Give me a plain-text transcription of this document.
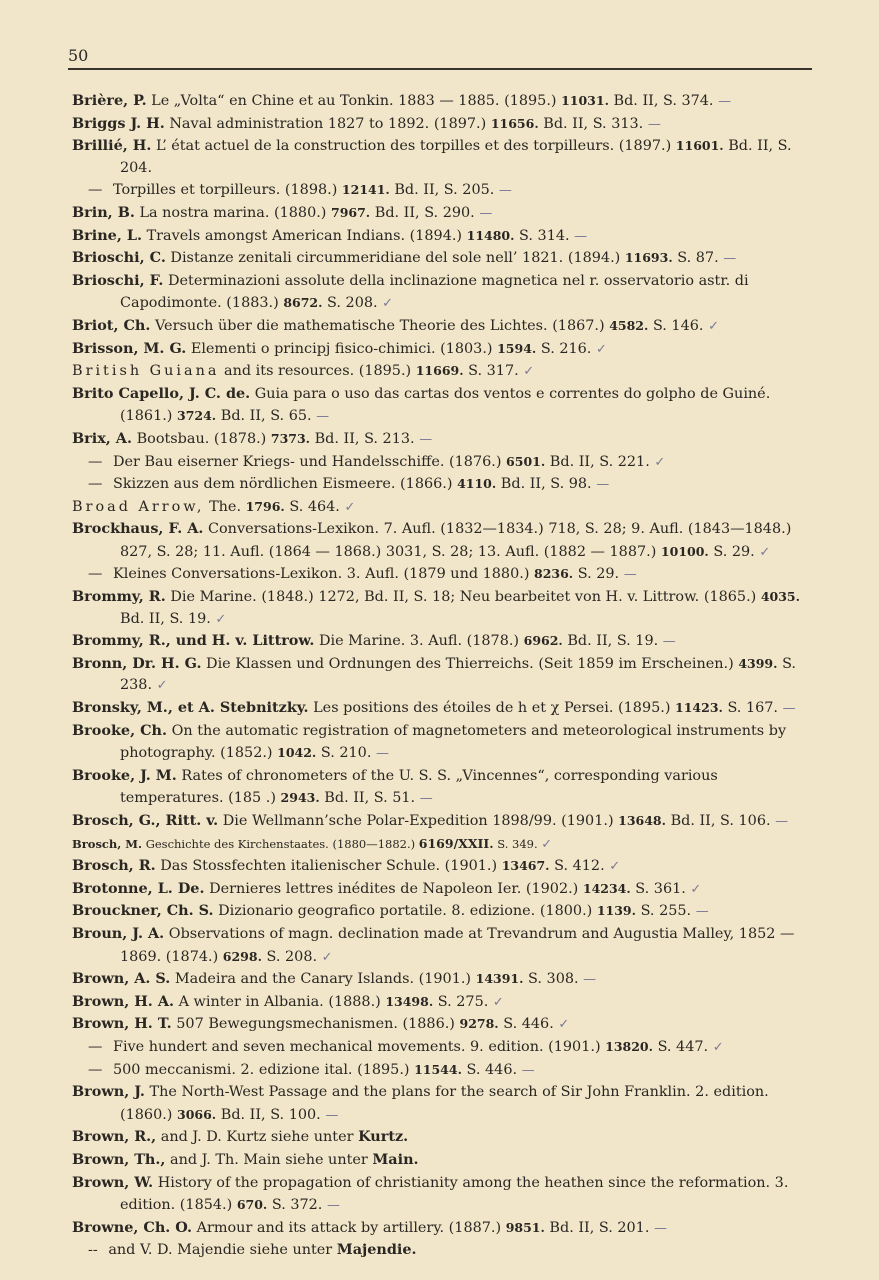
50
Brière, P. Le „Volta“ en Chine et au Tonkin. 1883 — 1885. (1895.) 11031. Bd. II, S. 374. —
Briggs J. H. Naval administration 1827 to 1892. (1897.) 11656. Bd. II, S. 313. —
Brillié, H. L’ état actuel de la construction des torpilles et des torpilleurs. (1897.) 11601. Bd. II, S. 204.
— Torpilles et torpilleurs. (1898.) 12141. Bd. II, S. 205. —
Brin, B. La nostra marina. (1880.) 7967. Bd. II, S. 290. —
Brine, L. Travels amongst American Indians. (1894.) 11480. S. 314. —
Brioschi, C. Distanze zenitali circummeridiane del sole nell’ 1821. (1894.) 11693. S. 87. —
Brioschi, F. Determinazioni assolute della inclinazione magnetica nel r. osservatorio astr. di Capodimonte. (1883.) 8672. S. 208. ✓
Briot, Ch. Versuch über die mathematische Theorie des Lichtes. (1867.) 4582. S. 146. ✓
Brisson, M. G. Elementi o principj fisico-chimici. (1803.) 1594. S. 216. ✓
British Guiana and its resources. (1895.) 11669. S. 317. ✓
Brito Capello, J. C. de. Guia para o uso das cartas dos ventos e correntes do golpho de Guiné. (1861.) 3724. Bd. II, S. 65. —
Brix, A. Bootsbau. (1878.) 7373. Bd. II, S. 213. —
— Der Bau eiserner Kriegs- und Handelsschiffe. (1876.) 6501. Bd. II, S. 221. ✓
— Skizzen aus dem nördlichen Eismeere. (1866.) 4110. Bd. II, S. 98. —
Broad Arrow, The. 1796. S. 464. ✓
Brockhaus, F. A. Conversations-Lexikon. 7. Aufl. (1832—1834.) 718, S. 28; 9. Aufl. (1843—1848.) 827, S. 28; 11. Aufl. (1864 — 1868.) 3031, S. 28; 13. Aufl. (1882 — 1887.) 10100. S. 29. ✓
— Kleines Conversations-Lexikon. 3. Aufl. (1879 und 1880.) 8236. S. 29. —
Brommy, R. Die Marine. (1848.) 1272, Bd. II, S. 18; Neu bearbeitet von H. v. Littrow. (1865.) 4035. Bd. II, S. 19. ✓
Brommy, R., und H. v. Littrow. Die Marine. 3. Aufl. (1878.) 6962. Bd. II, S. 19. —
Bronn, Dr. H. G. Die Klassen und Ordnungen des Thierreichs. (Seit 1859 im Erscheinen.) 4399. S. 238. ✓
Bronsky, M., et A. Stebnitzky. Les positions des étoiles de h et χ Persei. (1895.) 11423. S. 167. —
Brooke, Ch. On the automatic registration of magnetometers and meteorological instruments by photography. (1852.) 1042. S. 210. —
Brooke, J. M. Rates of chronometers of the U. S. S. „Vincennes“, corresponding various temperatures. (185 .) 2943. Bd. II, S. 51. —
Brosch, G., Ritt. v. Die Wellmann’sche Polar-Expedition 1898/99. (1901.) 13648. Bd. II, S. 106. —
Brosch, M. Geschichte des Kirchenstaates. (1880—1882.) 6169/XXII. S. 349. ✓
Brosch, R. Das Stossfechten italienischer Schule. (1901.) 13467. S. 412. ✓
Brotonne, L. De. Dernieres lettres inédites de Napoleon Ier. (1902.) 14234. S. 361. ✓
Brouckner, Ch. S. Dizionario geografico portatile. 8. edizione. (1800.) 1139. S. 255. —
Broun, J. A. Observations of magn. declination made at Trevandrum and Augustia Malley, 1852 — 1869. (1874.) 6298. S. 208. ✓
Brown, A. S. Madeira and the Canary Islands. (1901.) 14391. S. 308. —
Brown, H. A. A winter in Albania. (1888.) 13498. S. 275. ✓
Brown, H. T. 507 Bewegungsmechanismen. (1886.) 9278. S. 446. ✓
— Five hundert and seven mechanical movements. 9. edition. (1901.) 13820. S. 447. ✓
— 500 meccanismi. 2. edizione ital. (1895.) 11544. S. 446. —
Brown, J. The North-West Passage and the plans for the search of Sir John Franklin. 2. edition. (1860.) 3066. Bd. II, S. 100. —
Brown, R., and J. D. Kurtz siehe unter Kurtz.
Brown, Th., and J. Th. Main siehe unter Main.
Brown, W. History of the propagation of christianity among the heathen since the reformation. 3. edition. (1854.) 670. S. 372. —
Browne, Ch. O. Armour and its attack by artillery. (1887.) 9851. Bd. II, S. 201. —
-- and V. D. Majendie siehe unter Majendie.
